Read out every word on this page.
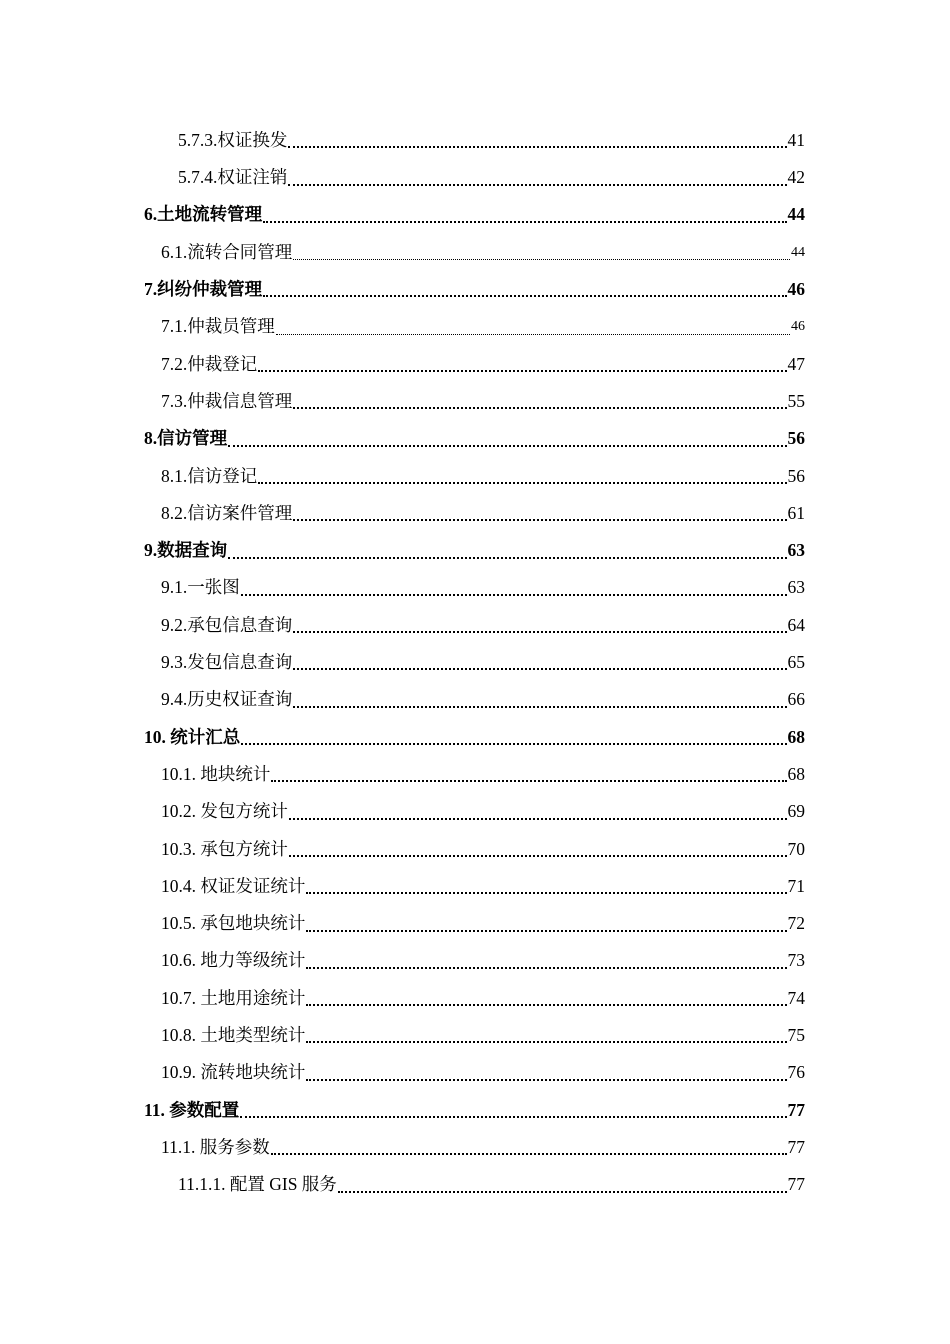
5.7.3.权证换发	41
5.7.4.权证注销	42
6.土地流转管理	44
6.1.流转合同管理	44
7.纠纷仲裁管理	46
7.1.仲裁员管理	46
7.2.仲裁登记	47
7.3.仲裁信息管理	55
8.信访管理	56
8.1.信访登记	56
8.2.信访案件管理	61
9.数据查询	63
9.1.一张图	63
9.2.承包信息查询	64
9.3.发包信息查询	65
9.4.历史权证查询	66
10. 统计汇总	68
10.1. 地块统计	68
10.2. 发包方统计	69
10.3. 承包方统计	70
10.4. 权证发证统计	71
10.5. 承包地块统计	72
10.6. 地力等级统计	73
10.7. 土地用途统计	74
10.8. 土地类型统计	75
10.9. 流转地块统计	76
11. 参数配置	77
11.1. 服务参数	77
11.1.1. 配置 GIS 服务	77
